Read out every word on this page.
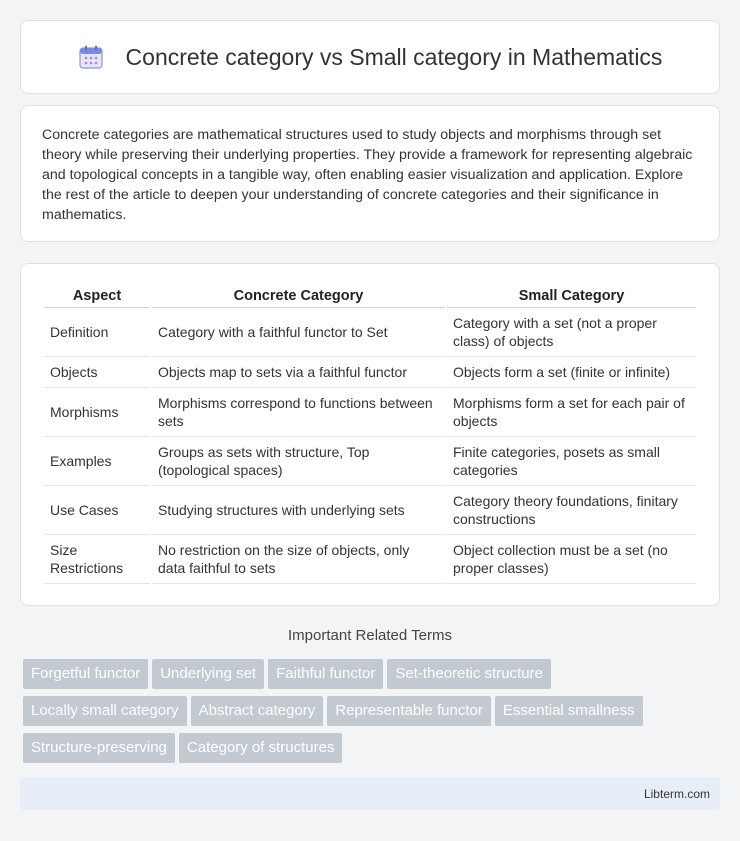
Concrete category vs Small category in Mathematics

Concrete categories are mathematical structures used to study objects and morphisms through set theory while preserving their underlying properties. They provide a framework for representing algebraic and topological concepts in a tangible way, often enabling easier visualization and application. Explore the rest of the article to deepen your understanding of concrete categories and their significance in mathematics.

Aspect	Concrete Category	Small Category
Definition	Category with a faithful functor to Set	Category with a set (not a proper class) of objects
Objects	Objects map to sets via a faithful functor	Objects form a set (finite or infinite)
Morphisms	Morphisms correspond to functions between sets	Morphisms form a set for each pair of objects
Examples	Groups as sets with structure, Top (topological spaces)	Finite categories, posets as small categories
Use Cases	Studying structures with underlying sets	Category theory foundations, finitary constructions
Size Restrictions	No restriction on the size of objects, only data faithful to sets	Object collection must be a set (no proper classes)
Important Related Terms
Forgetful functor Underlying set Faithful functor Set-theoretic structure
Locally small category Abstract category Representable functor Essential smallness
Structure-preserving Category of structures
Libterm.com
